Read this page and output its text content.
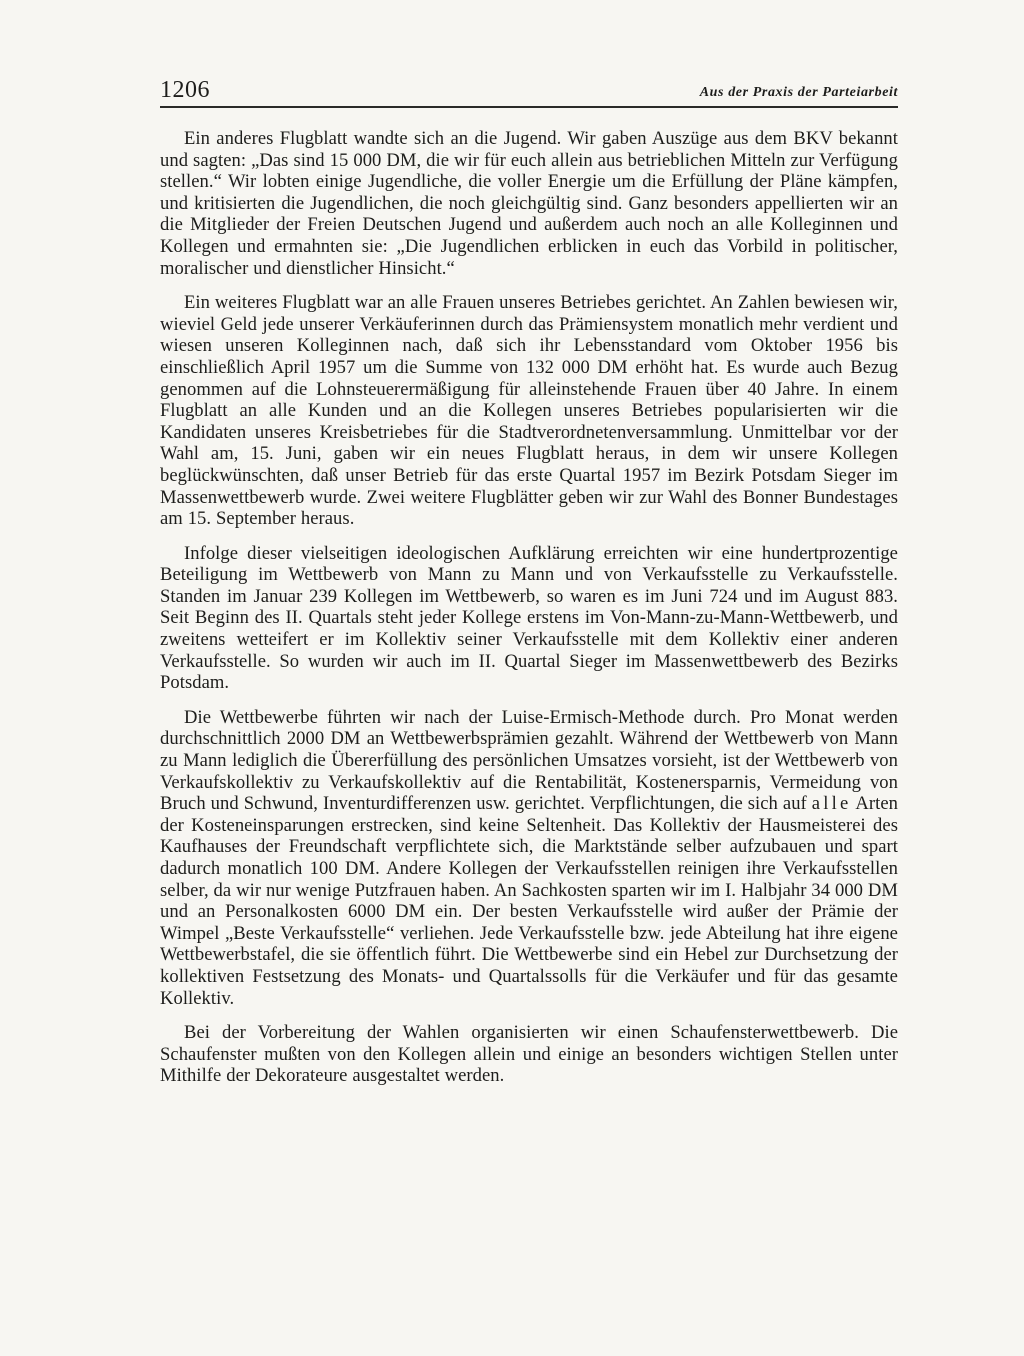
1206	Aus der Praxis der Parteiarbeit

Ein anderes Flugblatt wandte sich an die Jugend. Wir gaben Auszüge aus dem BKV bekannt und sagten: „Das sind 15 000 DM, die wir für euch allein aus betrieblichen Mitteln zur Verfügung stellen.“ Wir lobten einige Jugendliche, die voller Energie um die Erfüllung der Pläne kämpfen, und kritisierten die Jugendlichen, die noch gleichgültig sind. Ganz besonders appellierten wir an die Mitglieder der Freien Deutschen Jugend und außerdem auch noch an alle Kolleginnen und Kollegen und ermahnten sie: „Die Jugendlichen erblicken in euch das Vorbild in politischer, moralischer und dienstlicher Hinsicht.“

Ein weiteres Flugblatt war an alle Frauen unseres Betriebes gerichtet. An Zahlen bewiesen wir, wieviel Geld jede unserer Verkäuferinnen durch das Prämiensystem monatlich mehr verdient und wiesen unseren Kolleginnen nach, daß sich ihr Lebensstandard vom Oktober 1956 bis einschließlich April 1957 um die Summe von 132 000 DM erhöht hat. Es wurde auch Bezug genommen auf die Lohnsteuerermäßigung für alleinstehende Frauen über 40 Jahre. In einem Flugblatt an alle Kunden und an die Kollegen unseres Betriebes popularisierten wir die Kandidaten unseres Kreisbetriebes für die Stadtverordnetenversammlung. Unmittelbar vor der Wahl am, 15. Juni, gaben wir ein neues Flugblatt heraus, in dem wir unsere Kollegen beglückwünschten, daß unser Betrieb für das erste Quartal 1957 im Bezirk Potsdam Sieger im Massenwettbewerb wurde. Zwei weitere Flugblätter geben wir zur Wahl des Bonner Bundestages am 15. September heraus.

Infolge dieser vielseitigen ideologischen Aufklärung erreichten wir eine hundertprozentige Beteiligung im Wettbewerb von Mann zu Mann und von Verkaufsstelle zu Verkaufsstelle. Standen im Januar 239 Kollegen im Wettbewerb, so waren es im Juni 724 und im August 883. Seit Beginn des II. Quartals steht jeder Kollege erstens im Von-Mann-zu-Mann-Wettbewerb, und zweitens wetteifert er im Kollektiv seiner Verkaufsstelle mit dem Kollektiv einer anderen Verkaufsstelle. So wurden wir auch im II. Quartal Sieger im Massenwettbewerb des Bezirks Potsdam.

Die Wettbewerbe führten wir nach der Luise-Ermisch-Methode durch. Pro Monat werden durchschnittlich 2000 DM an Wettbewerbsprämien gezahlt. Während der Wettbewerb von Mann zu Mann lediglich die Übererfüllung des persönlichen Umsatzes vorsieht, ist der Wettbewerb von Verkaufskollektiv zu Verkaufskollektiv auf die Rentabilität, Kostenersparnis, Vermeidung von Bruch und Schwund, Inventurdifferenzen usw. gerichtet. Verpflichtungen, die sich auf alle Arten der Kosteneinsparungen erstrecken, sind keine Seltenheit. Das Kollektiv der Hausmeisterei des Kaufhauses der Freundschaft verpflichtete sich, die Marktstände selber aufzubauen und spart dadurch monatlich 100 DM. Andere Kollegen der Verkaufsstellen reinigen ihre Verkaufsstellen selber, da wir nur wenige Putzfrauen haben. An Sachkosten sparten wir im I. Halbjahr 34 000 DM und an Personalkosten 6000 DM ein. Der besten Verkaufsstelle wird außer der Prämie der Wimpel „Beste Verkaufsstelle“ verliehen. Jede Verkaufsstelle bzw. jede Abteilung hat ihre eigene Wettbewerbstafel, die sie öffentlich führt. Die Wettbewerbe sind ein Hebel zur Durchsetzung der kollektiven Festsetzung des Monats- und Quartalssolls für die Verkäufer und für das gesamte Kollektiv.

Bei der Vorbereitung der Wahlen organisierten wir einen Schaufensterwettbewerb. Die Schaufenster mußten von den Kollegen allein und einige an besonders wichtigen Stellen unter Mithilfe der Dekorateure ausgestaltet werden.
